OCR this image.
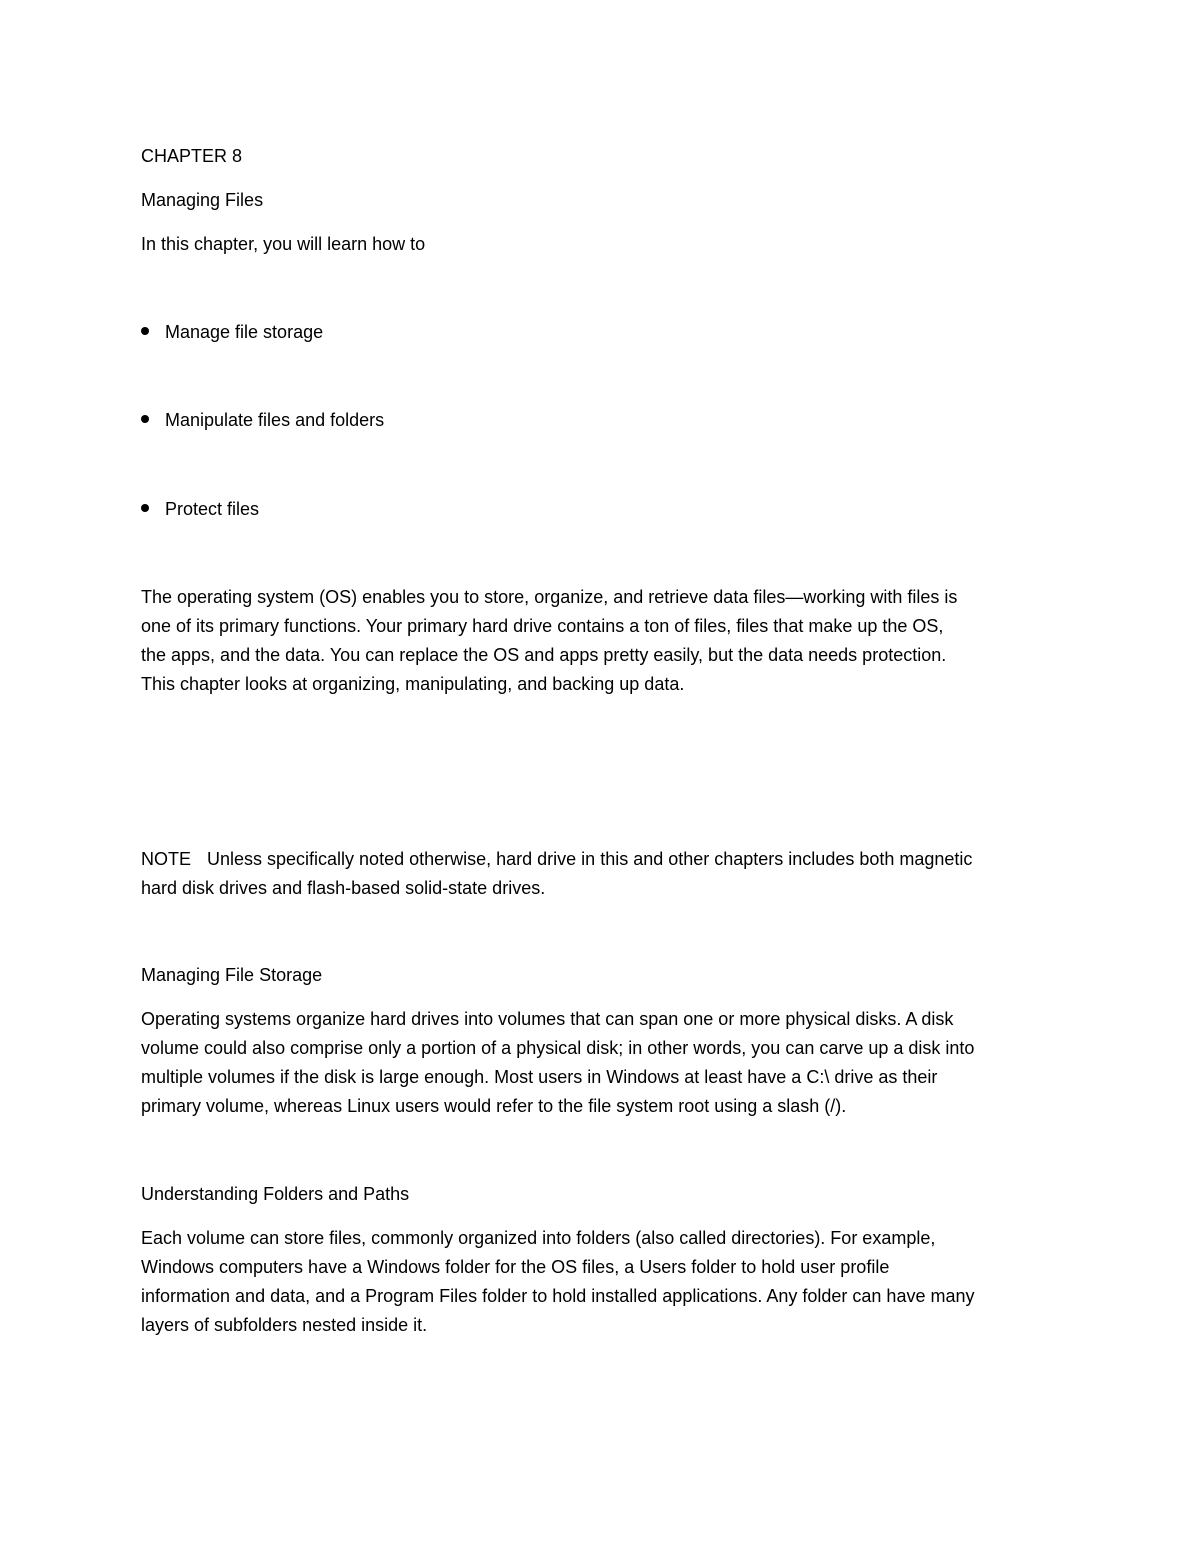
CHAPTER 8
Managing Files
In this chapter, you will learn how to
Manage file storage
Manipulate files and folders
Protect files
The operating system (OS) enables you to store, organize, and retrieve data files—working with files is
one of its primary functions. Your primary hard drive contains a ton of files, files that make up the OS,
the apps, and the data. You can replace the OS and apps pretty easily, but the data needs protection.
This chapter looks at organizing, manipulating, and backing up data.
NOTE Unless specifically noted otherwise, hard drive in this and other chapters includes both magnetic
hard disk drives and flash-based solid-state drives.
Managing File Storage
Operating systems organize hard drives into volumes that can span one or more physical disks. A disk
volume could also comprise only a portion of a physical disk; in other words, you can carve up a disk into
multiple volumes if the disk is large enough. Most users in Windows at least have a C:\ drive as their
primary volume, whereas Linux users would refer to the file system root using a slash (/).
Understanding Folders and Paths
Each volume can store files, commonly organized into folders (also called directories). For example,
Windows computers have a Windows folder for the OS files, a Users folder to hold user profile
information and data, and a Program Files folder to hold installed applications. Any folder can have many
layers of subfolders nested inside it.
